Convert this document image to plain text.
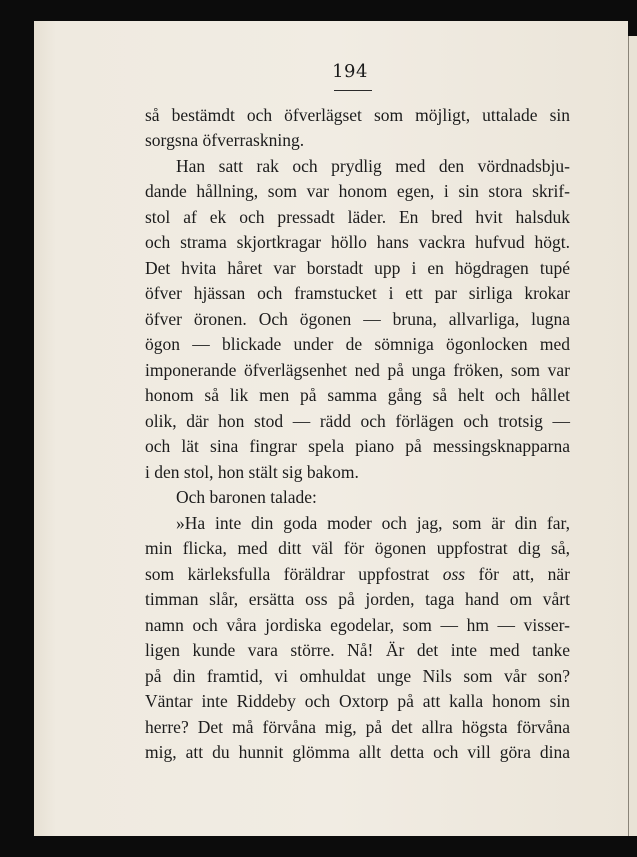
194
så bestämdt och öfverlägset som möjligt, uttalade sin
sorgsna öfverraskning.
Han satt rak och prydlig med den vördnadsbju-
dande hållning, som var honom egen, i sin stora skrif-
stol af ek och pressadt läder. En bred hvit halsduk
och strama skjortkragar höllo hans vackra hufvud högt.
Det hvita håret var borstadt upp i en högdragen tupé
öfver hjässan och framstucket i ett par sirliga krokar
öfver öronen. Och ögonen — bruna, allvarliga, lugna
ögon — blickade under de sömniga ögonlocken med
imponerande öfverlägsenhet ned på unga fröken, som var
honom så lik men på samma gång så helt och hållet
olik, där hon stod — rädd och förlägen och trotsig —
och lät sina fingrar spela piano på messingsknapparna
i den stol, hon stält sig bakom.
Och baronen talade:
»Ha inte din goda moder och jag, som är din far,
min flicka, med ditt väl för ögonen uppfostrat dig så,
som kärleksfulla föräldrar uppfostrat oss för att, när
timman slår, ersätta oss på jorden, taga hand om vårt
namn och våra jordiska egodelar, som — hm — visser-
ligen kunde vara större. Nå! Är det inte med tanke
på din framtid, vi omhuldat unge Nils som vår son?
Väntar inte Riddeby och Oxtorp på att kalla honom sin
herre? Det må förvåna mig, på det allra högsta förvåna
mig, att du hunnit glömma allt detta och vill göra dina
